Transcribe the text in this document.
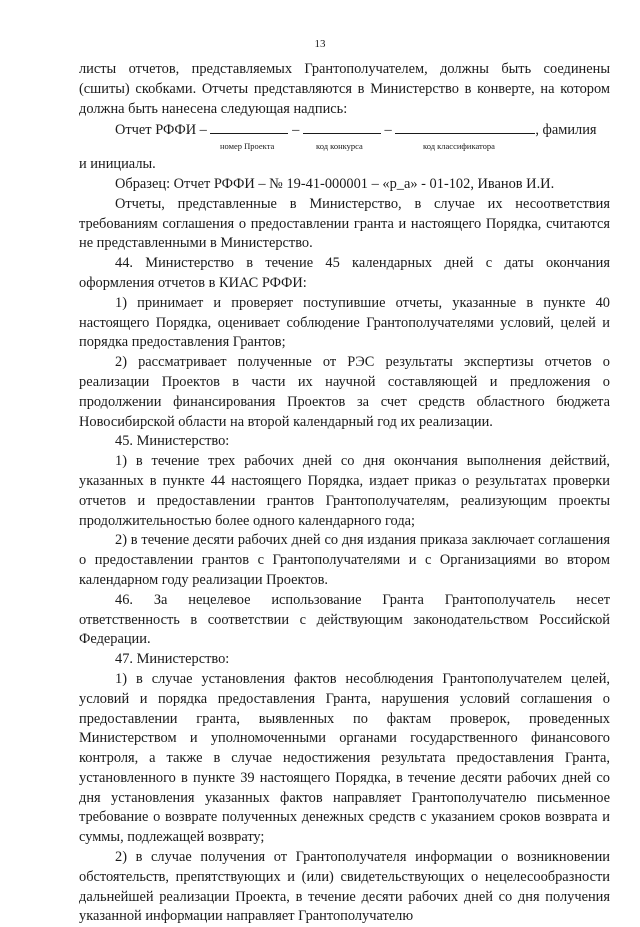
13

листы отчетов, представляемых Грантополучателем, должны быть соединены (сшиты) скобками. Отчеты представляются в Министерство в конверте, на котором должна быть нанесена следующая надпись:

Отчет РФФИ –	–	–	, фамилия
номер Проекта	код конкурса	код классификатора

и инициалы.

Образец: Отчет РФФИ – № 19-41-000001 – «р_а» - 01-102, Иванов И.И.

Отчеты, представленные в Министерство, в случае их несоответствия требованиям соглашения о предоставлении гранта и настоящего Порядка, считаются не представленными в Министерство.

44. Министерство в течение 45 календарных дней с даты окончания оформления отчетов в КИАС РФФИ:

1) принимает и проверяет поступившие отчеты, указанные в пункте 40 настоящего Порядка, оценивает соблюдение Грантополучателями условий, целей и порядка предоставления Грантов;

2) рассматривает полученные от РЭС результаты экспертизы отчетов о реализации Проектов в части их научной составляющей и предложения о продолжении финансирования Проектов за счет средств областного бюджета Новосибирской области на второй календарный год их реализации.

45. Министерство:

1) в течение трех рабочих дней со дня окончания выполнения действий, указанных в пункте 44 настоящего Порядка, издает приказ о результатах проверки отчетов и предоставлении грантов Грантополучателям, реализующим проекты продолжительностью более одного календарного года;

2) в течение десяти рабочих дней со дня издания приказа заключает соглашения о предоставлении грантов с Грантополучателями и с Организациями во втором календарном году реализации Проектов.

46. За нецелевое использование Гранта Грантополучатель несет ответственность в соответствии с действующим законодательством Российской Федерации.

47. Министерство:

1) в случае установления фактов несоблюдения Грантополучателем целей, условий и порядка предоставления Гранта, нарушения условий соглашения о предоставлении гранта, выявленных по фактам проверок, проведенных Министерством и уполномоченными органами государственного финансового контроля, а также в случае недостижения результата предоставления Гранта, установленного в пункте 39 настоящего Порядка, в течение десяти рабочих дней со дня установления указанных фактов направляет Грантополучателю письменное требование о возврате полученных денежных средств с указанием сроков возврата и суммы, подлежащей возврату;

2) в случае получения от Грантополучателя информации о возникновении обстоятельств, препятствующих и (или) свидетельствующих о нецелесообразности дальнейшей реализации Проекта, в течение десяти рабочих дней со дня получения указанной информации направляет Грантополучателю
